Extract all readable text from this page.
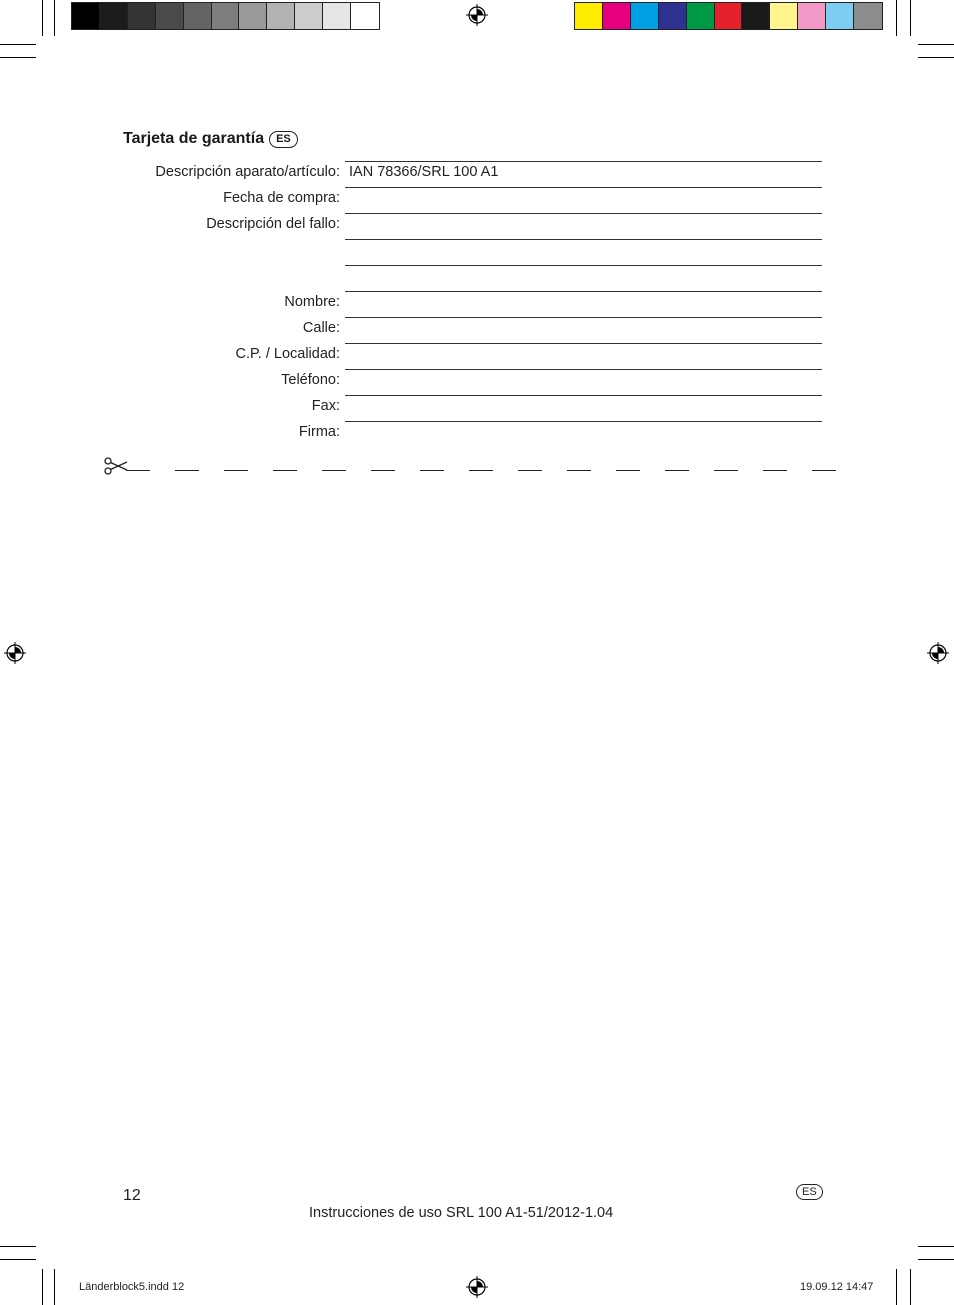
Tarjeta de garantía	ES
Descripción aparato/artículo: IAN 78366/SRL 100 A1
Fecha de compra:
Descripción del fallo:
Nombre:
Calle:
C.P. / Localidad:
Teléfono:
Fax:
Firma:
12	ES
Instrucciones de uso SRL 100 A1-51/2012-1.04
Länderblock5.indd 12	19.09.12 14:47
